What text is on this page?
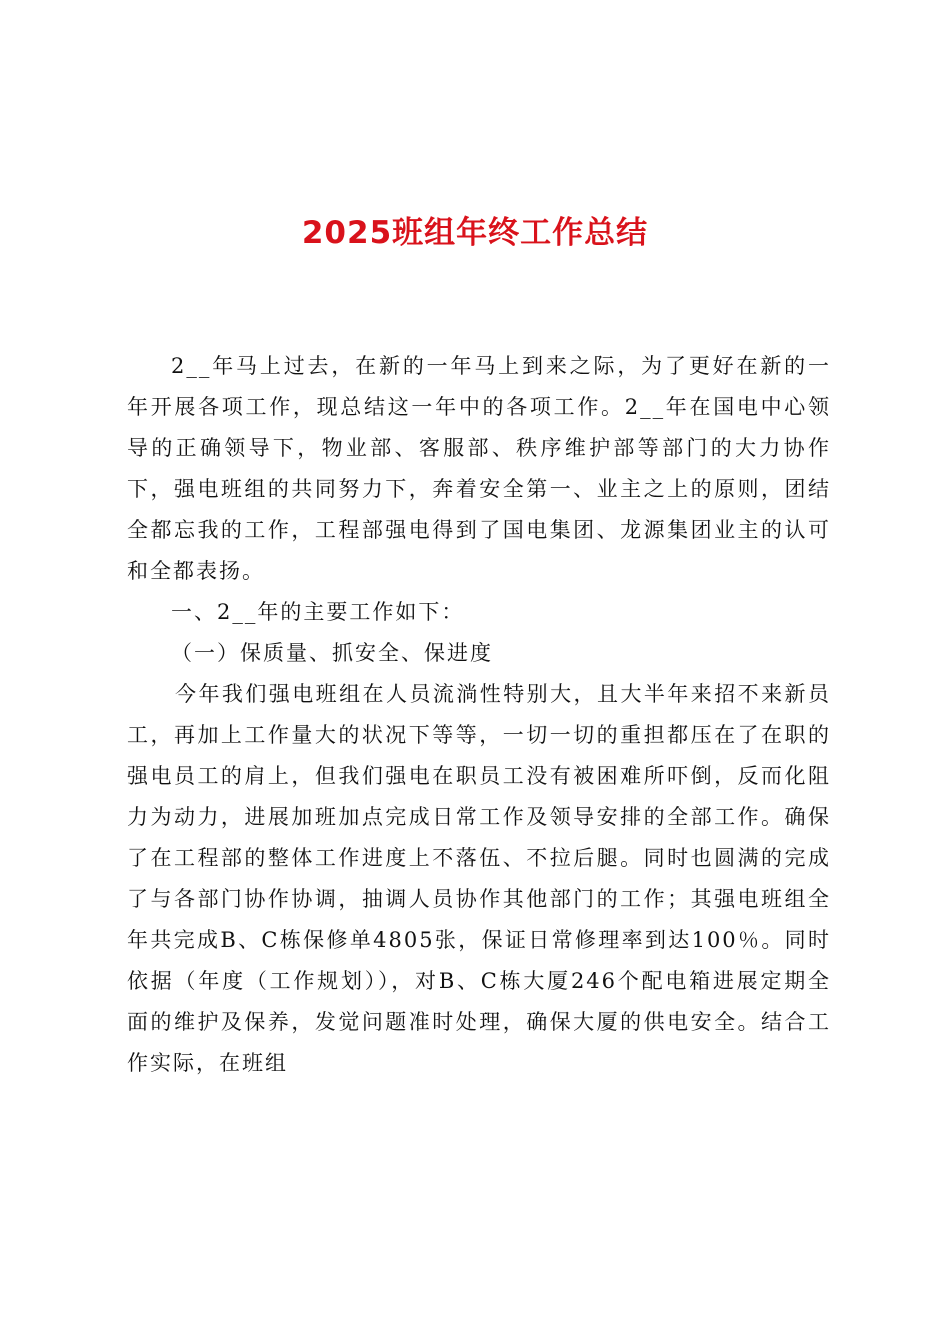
2025班组年终工作总结

2__年马上过去，在新的一年马上到来之际，为了更好在新的一年开展各项工作，现总结这一年中的各项工作。2__年在国电中心领导的正确领导下，物业部、客服部、秩序维护部等部门的大力协作下，强电班组的共同努力下，奔着安全第一、业主之上的原则，团结全都忘我的工作，工程部强电得到了国电集团、龙源集团业主的认可和全都表扬。

一、2__年的主要工作如下：

（一）保质量、抓安全、保进度

今年我们强电班组在人员流淌性特别大，且大半年来招不来新员工，再加上工作量大的状况下等等，一切一切的重担都压在了在职的强电员工的肩上，但我们强电在职员工没有被困难所吓倒，反而化阻力为动力，进展加班加点完成日常工作及领导安排的全部工作。确保了在工程部的整体工作进度上不落伍、不拉后腿。同时也圆满的完成了与各部门协作协调，抽调人员协作其他部门的工作；其强电班组全年共完成B、C栋保修单4805张，保证日常修理率到达100％。同时依据（年度（工作规划）），对B、C栋大厦246个配电箱进展定期全面的维护及保养，发觉问题准时处理，确保大厦的供电安全。结合工作实际，在班组
